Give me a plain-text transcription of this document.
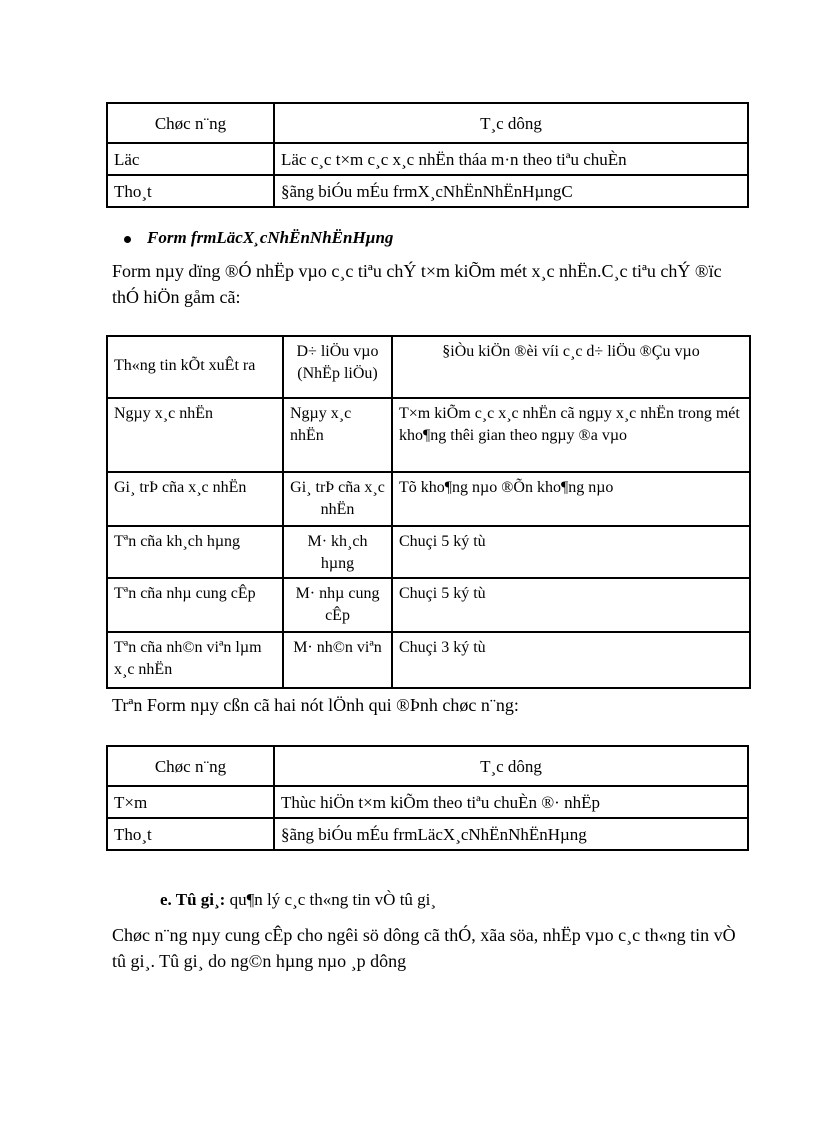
Chøc n¨ng	T¸c dông
Läc	Läc c¸c t×m c¸c x¸c nhËn tháa m·n theo tiªu chuÈn
Tho¸t	§ãng biÓu mÉu frmX¸cNhËnNhËnHµngC
Form frmLäcX¸cNhËnNhËnHµng
Form nµy dïng ®Ó nhËp vµo c¸c tiªu chÝ t×m kiÕm mét x¸c nhËn.C¸c tiªu chÝ ®ïc thÓ hiÖn gåm cã:
Th«ng tin kÕt xuÊt ra	D÷ liÖu vµo (NhËp liÖu)	§iÒu kiÖn ®èi víi c¸c d÷ liÖu ®Çu vµo
Ngµy x¸c nhËn	Ngµy x¸c nhËn	T×m kiÕm c¸c x¸c nhËn cã ngµy x¸c nhËn trong mét kho¶ng thêi gian theo ngµy ®a vµo
Gi¸ trÞ cña x¸c nhËn	Gi¸ trÞ cña x¸c nhËn	Tõ kho¶ng nµo ®Õn kho¶ng nµo
Tªn cña kh¸ch hµng	M· kh¸ch hµng	Chuçi 5 ký tù
Tªn cña nhµ cung cÊp	M· nhµ cung cÊp	Chuçi 5 ký tù
Tªn cña nh©n viªn lµm x¸c nhËn	M· nh©n viªn	Chuçi 3 ký tù
Trªn Form nµy cßn cã hai nót lÖnh qui ®Þnh chøc n¨ng:
Chøc n¨ng	T¸c dông
T×m	Thùc hiÖn t×m kiÕm theo tiªu chuÈn ®· nhËp
Tho¸t	§ãng biÓu mÉu frmLäcX¸cNhËnNhËnHµng
e. Tû gi¸: qu¶n lý c¸c th«ng tin vÒ tû gi¸
Chøc n¨ng nµy cung cÊp cho ngêi sö dông cã thÓ, xãa söa, nhËp vµo c¸c th«ng tin vÒ tû gi¸. Tû gi¸ do ng©n hµng nµo ¸p dông
